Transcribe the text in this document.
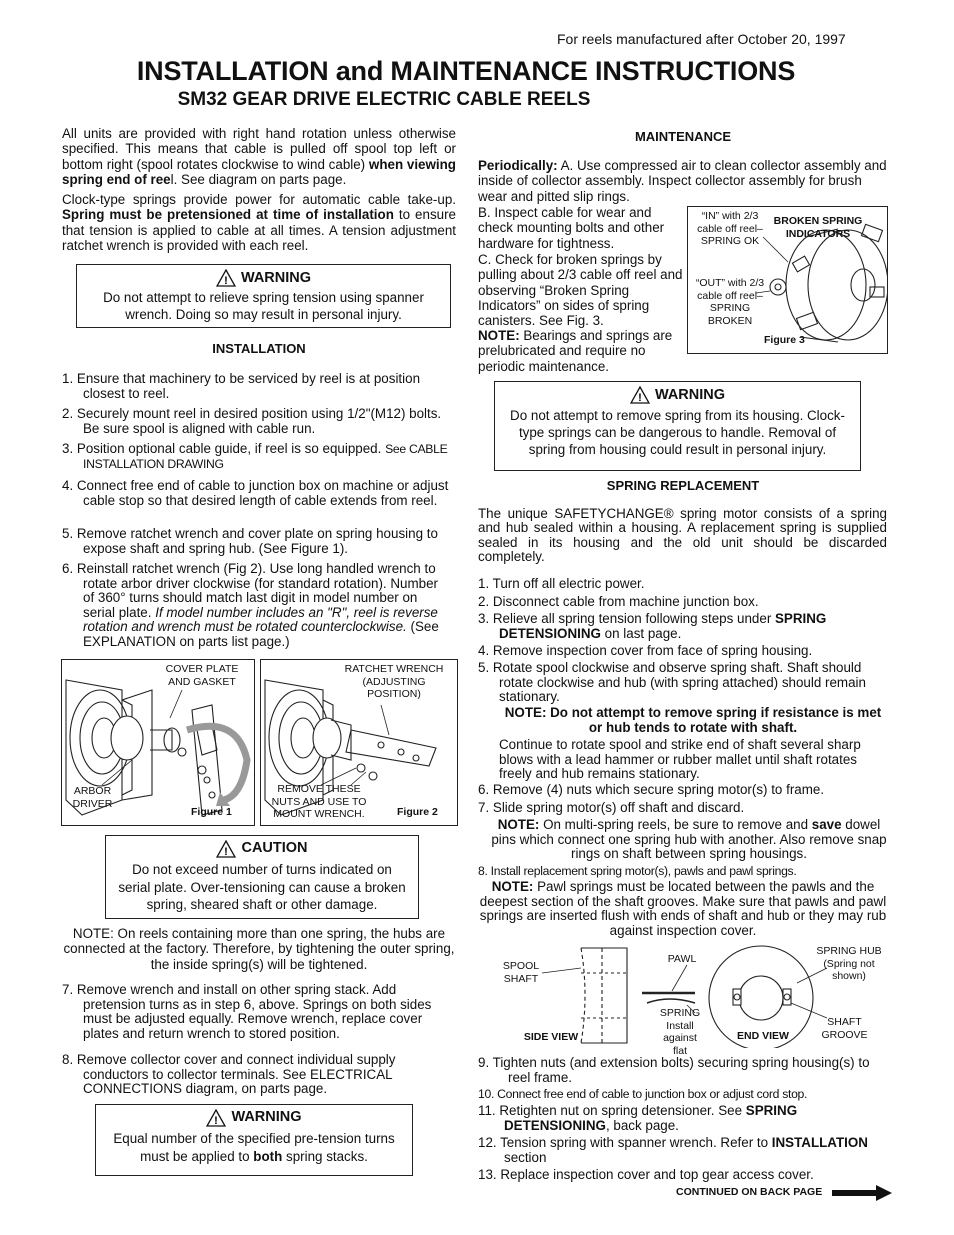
For reels manufactured after October 20, 1997
INSTALLATION and MAINTENANCE INSTRUCTIONS
SM32 GEAR DRIVE ELECTRIC CABLE REELS

All units are provided with right hand rotation unless otherwise specified. This means that cable is pulled off spool top left or bottom right (spool rotates clockwise to wind cable) when viewing spring end of reel. See diagram on parts page.

Clock-type springs provide power for automatic cable take-up. Spring must be pretensioned at time of installation to ensure that tension is applied to cable at all times. A tension adjustment ratchet wrench is provided with each reel.

! WARNING
Do not attempt to relieve spring tension using spanner wrench. Doing so may result in personal injury.
INSTALLATION
1. Ensure that machinery to be serviced by reel is at position closest to reel.
2. Securely mount reel in desired position using 1/2"(M12) bolts. Be sure spool is aligned with cable run.
3. Position optional cable guide, if reel is so equipped. See CABLE INSTALLATION DRAWING
4. Connect free end of cable to junction box on machine or adjust cable stop so that desired length of cable extends from reel.
5. Remove ratchet wrench and cover plate on spring housing to expose shaft and spring hub. (See Figure 1).
6. Reinstall ratchet wrench (Fig 2). Use long handled wrench to rotate arbor driver clockwise (for standard rotation). Number of 360° turns should match last digit in model number on serial plate. If model number includes an "R", reel is reverse rotation and wrench must be rotated counterclockwise. (See EXPLANATION on parts list page.)
COVER PLATE AND GASKET
ARBOR DRIVER
Figure 1
RATCHET WRENCH (ADJUSTING POSITION)
REMOVE THESE NUTS AND USE TO MOUNT WRENCH.	Figure 2
! CAUTION
Do not exceed number of turns indicated on serial plate. Over-tensioning can cause a broken spring, sheared shaft or other damage.

NOTE: On reels containing more than one spring, the hubs are connected at the factory. Therefore, by tightening the outer spring, the inside spring(s) will be tightened.

7. Remove wrench and install on other spring stack. Add pretension turns as in step 6, above. Springs on both sides must be adjusted equally. Remove wrench, replace cover plates and return wrench to stored position.
8. Remove collector cover and connect individual supply conductors to collector terminals. See ELECTRICAL CONNECTIONS diagram, on parts page.
! WARNING
Equal number of the specified pre-tension turns must be applied to both spring stacks.
MAINTENANCE

Periodically: A. Use compressed air to clean collector assembly and inside of collector assembly. Inspect collector assembly for brush wear and pitted slip rings.

B. Inspect cable for wear and check mounting bolts and other hardware for tightness.

C. Check for broken springs by pulling about 2/3 cable off reel and observing “Broken Spring Indicators” on sides of spring canisters. See Fig. 3.

NOTE: Bearings and springs are prelubricated and require no periodic maintenance.

“IN” with 2/3 cable off reel– SPRING OK
BROKEN SPRING INDICATORS
“OUT” with 2/3 cable off reel– SPRING BROKEN
Figure 3
! WARNING
Do not attempt to remove spring from its housing. Clock-type springs can be dangerous to handle. Removal of spring from housing could result in personal injury.
SPRING REPLACEMENT

The unique SAFETYCHANGE® spring motor consists of a spring and hub sealed within a housing. A replacement spring is supplied sealed in its housing and the old unit should be discarded completely.

1. Turn off all electric power.
2. Disconnect cable from machine junction box.
3. Relieve all spring tension following steps under SPRING DETENSIONING on last page.
4. Remove inspection cover from face of spring housing.
5. Rotate spool clockwise and observe spring shaft. Shaft should rotate clockwise and hub (with spring attached) should remain stationary.
NOTE: Do not attempt to remove spring if resistance is met or hub tends to rotate with shaft.
Continue to rotate spool and strike end of shaft several sharp blows with a lead hammer or rubber mallet until shaft rotates freely and hub remains stationary.
6. Remove (4) nuts which secure spring motor(s) to frame.
7. Slide spring motor(s) off shaft and discard.
NOTE: On multi-spring reels, be sure to remove and save dowel pins which connect one spring hub with another. Also remove snap rings on shaft between spring housings.
8. Install replacement spring motor(s), pawls and pawl springs.
NOTE: Pawl springs must be located between the pawls and the deepest section of the shaft grooves. Make sure that pawls and pawl springs are inserted flush with ends of shaft and hub or they may rub against inspection cover.
SPOOL SHAFT
PAWL
SPRING HUB (Spring not shown)
SPRING Install against flat
SIDE VIEW	END VIEW
SHAFT GROOVE
9. Tighten nuts (and extension bolts) securing spring housing(s) to reel frame.
10. Connect free end of cable to junction box or adjust cord stop.
11. Retighten nut on spring detensioner. See SPRING DETENSIONING, back page.
12. Tension spring with spanner wrench. Refer to INSTALLATION section
13. Replace inspection cover and top gear access cover.
CONTINUED ON BACK PAGE
